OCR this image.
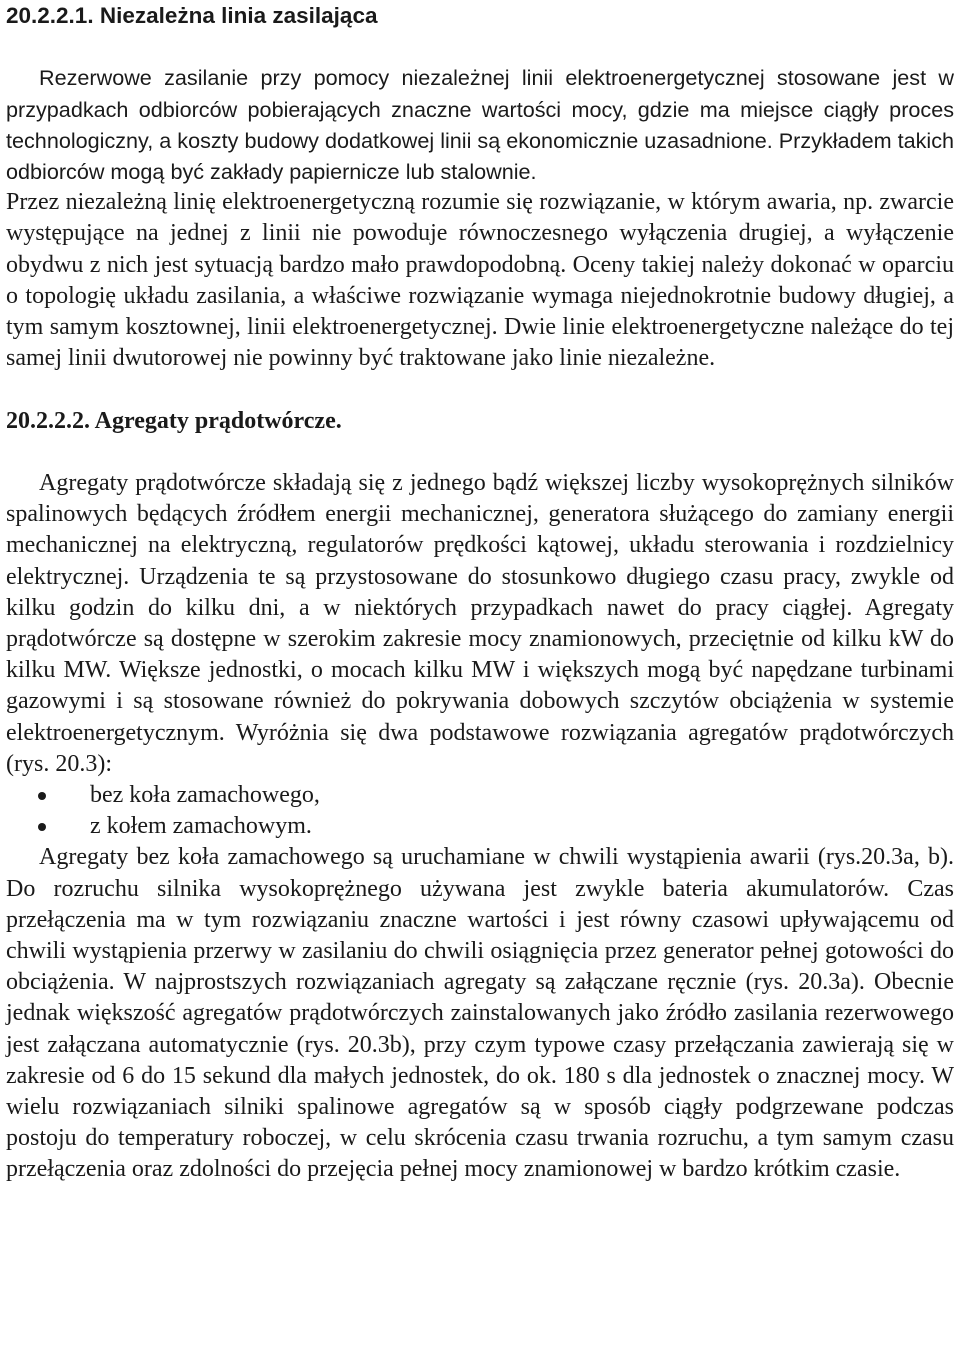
20.2.2.1. Niezależna linia zasilająca

Rezerwowe zasilanie przy pomocy niezależnej linii elektroenergetycznej stosowane jest w przypadkach odbiorców pobierających znaczne wartości mocy, gdzie ma miejsce ciągły proces technologiczny, a koszty budowy dodatkowej linii są ekonomicznie uzasadnione. Przykładem takich odbiorców mogą być zakłady papiernicze lub stalownie.

Przez niezależną linię elektroenergetyczną rozumie się rozwiązanie, w którym awaria, np. zwarcie występujące na jednej z linii nie powoduje równoczesnego wyłączenia drugiej, a wyłączenie obydwu z nich jest sytuacją bardzo mało prawdopodobną. Oceny takiej należy dokonać w oparciu o topologię układu zasilania, a właściwe rozwiązanie wymaga niejednokrotnie budowy długiej, a tym samym kosztownej, linii elektroenergetycznej. Dwie linie elektroenergetyczne należące do tej samej linii dwutorowej nie powinny być traktowane jako linie niezależne.

20.2.2.2. Agregaty prądotwórcze.

Agregaty prądotwórcze składają się z jednego bądź większej liczby wysokoprężnych silników spalinowych będących źródłem energii mechanicznej, generatora służącego do zamiany energii mechanicznej na elektryczną, regulatorów prędkości kątowej, układu sterowania i rozdzielnicy elektrycznej. Urządzenia te są przystosowane do stosunkowo długiego czasu pracy, zwykle od kilku godzin do kilku dni, a w niektórych przypadkach nawet do pracy ciągłej. Agregaty prądotwórcze są dostępne w szerokim zakresie mocy znamionowych, przeciętnie od kilku kW do kilku MW. Większe jednostki, o mocach kilku MW i większych mogą być napędzane turbinami gazowymi i są stosowane również do pokrywania dobowych szczytów obciążenia w systemie elektroenergetycznym. Wyróżnia się dwa podstawowe rozwiązania agregatów prądotwórczych (rys. 20.3):

bez koła zamachowego,
z kołem zamachowym.

Agregaty bez koła zamachowego są uruchamiane w chwili wystąpienia awarii (rys.20.3a, b). Do rozruchu silnika wysokoprężnego używana jest zwykle bateria akumulatorów. Czas przełączenia ma w tym rozwiązaniu znaczne wartości i jest równy czasowi upływającemu od chwili wystąpienia przerwy w zasilaniu do chwili osiągnięcia przez generator pełnej gotowości do obciążenia. W najprostszych rozwiązaniach agregaty są załączane ręcznie (rys. 20.3a). Obecnie jednak większość agregatów prądotwórczych zainstalowanych jako źródło zasilania rezerwowego jest załączana automatycznie (rys. 20.3b), przy czym typowe czasy przełączania zawierają się w zakresie od 6 do 15 sekund dla małych jednostek, do ok. 180 s dla jednostek o znacznej mocy. W wielu rozwiązaniach silniki spalinowe agregatów są w sposób ciągły podgrzewane podczas postoju do temperatury roboczej, w celu skrócenia czasu trwania rozruchu, a tym samym czasu przełączenia oraz zdolności do przejęcia pełnej mocy znamionowej w bardzo krótkim czasie.
